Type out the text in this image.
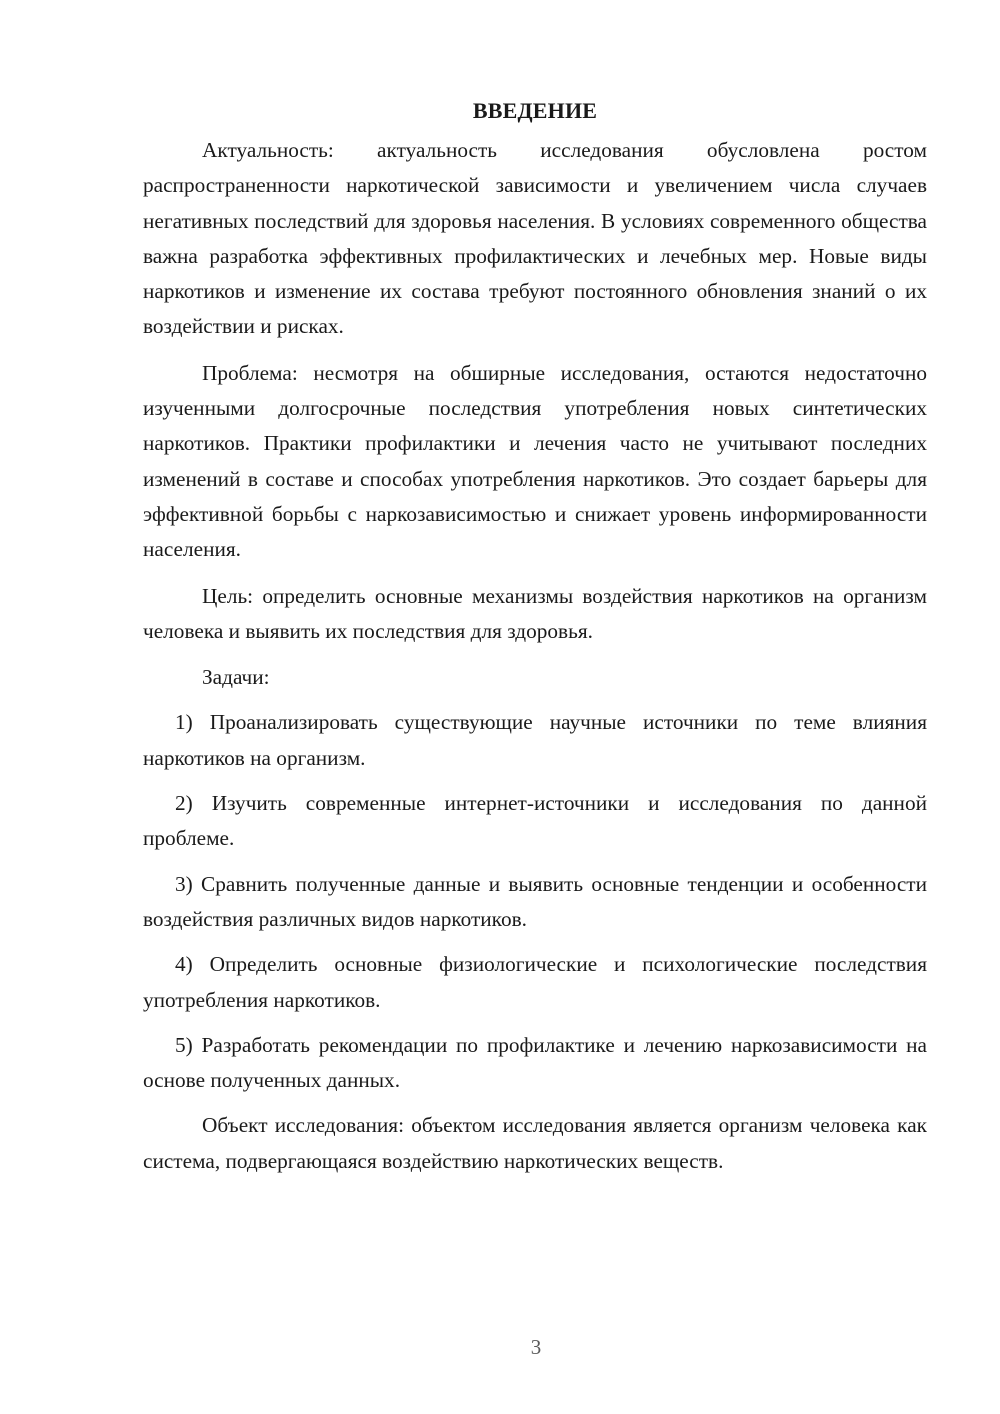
ВВЕДЕНИЕ

Актуальность: актуальность исследования обусловлена ростом распространенности наркотической зависимости и увеличением числа случаев негативных последствий для здоровья населения. В условиях современного общества важна разработка эффективных профилактических и лечебных мер. Новые виды наркотиков и изменение их состава требуют постоянного обновления знаний о их воздействии и рисках.

Проблема: несмотря на обширные исследования, остаются недостаточно изученными долгосрочные последствия употребления новых синтетических наркотиков. Практики профилактики и лечения часто не учитывают последних изменений в составе и способах употребления наркотиков. Это создает барьеры для эффективной борьбы с наркозависимостью и снижает уровень информированности населения.

Цель: определить основные механизмы воздействия наркотиков на организм человека и выявить их последствия для здоровья.

Задачи:

1) Проанализировать существующие научные источники по теме влияния наркотиков на организм.

2) Изучить современные интернет-источники и исследования по данной проблеме.

3) Сравнить полученные данные и выявить основные тенденции и особенности воздействия различных видов наркотиков.

4) Определить основные физиологические и психологические последствия употребления наркотиков.

5) Разработать рекомендации по профилактике и лечению наркозависимости на основе полученных данных.

Объект исследования: объектом исследования является организм человека как система, подвергающаяся воздействию наркотических веществ.

3
